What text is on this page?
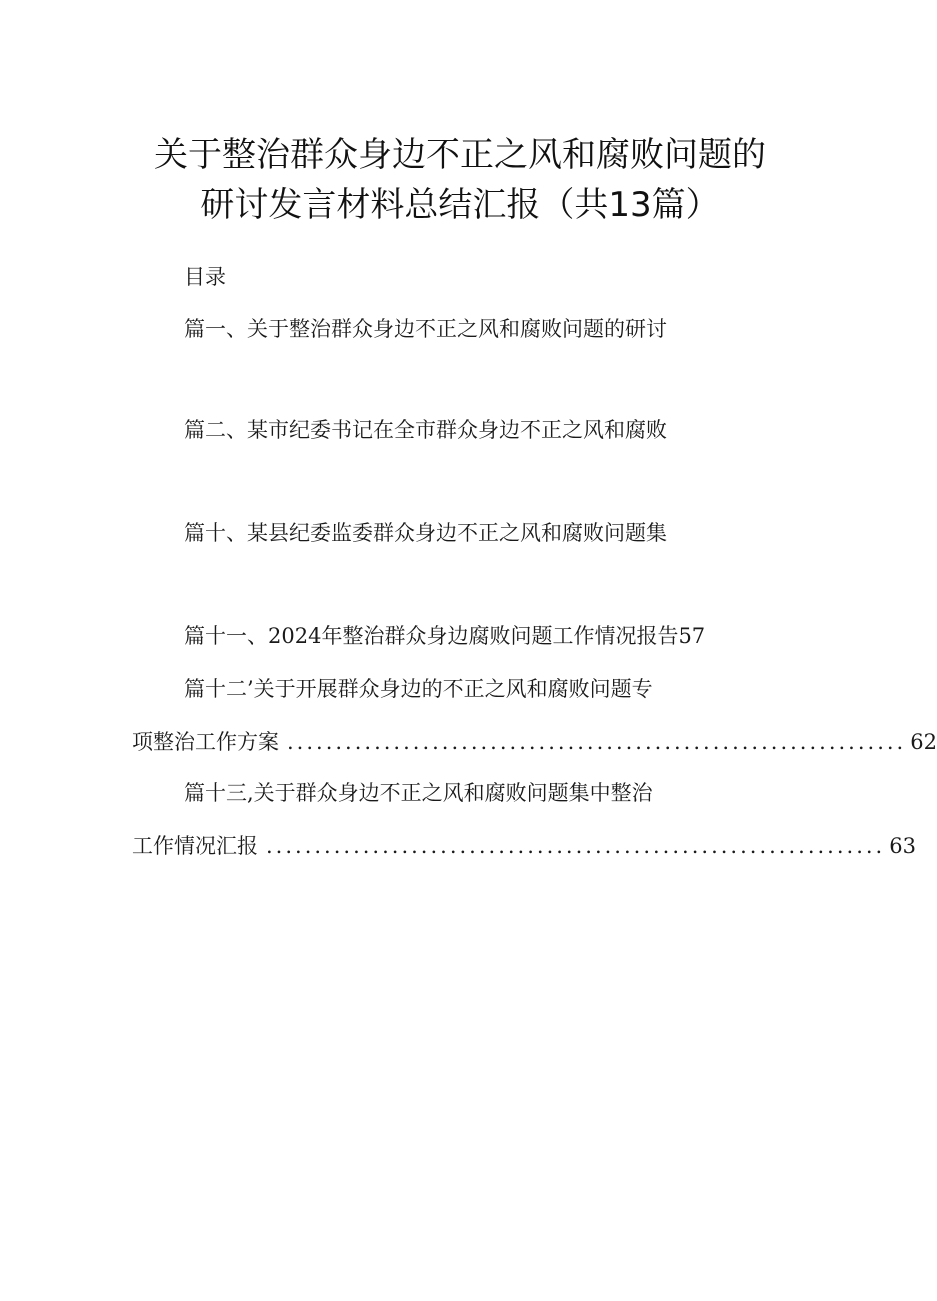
关于整治群众身边不正之风和腐败问题的
研讨发言材料总结汇报（共13篇）
目录
篇一、关于整治群众身边不正之风和腐败问题的研讨
篇二、某市纪委书记在全市群众身边不正之风和腐败
篇十、某县纪委监委群众身边不正之风和腐败问题集
篇十一、2024年整治群众身边腐败问题工作情况报告57
篇十二’关于开展群众身边的不正之风和腐败问题专
项整治工作方案 ................................................................ 62
篇十三,关于群众身边不正之风和腐败问题集中整治
工作情况汇报 ................................................................ 63
